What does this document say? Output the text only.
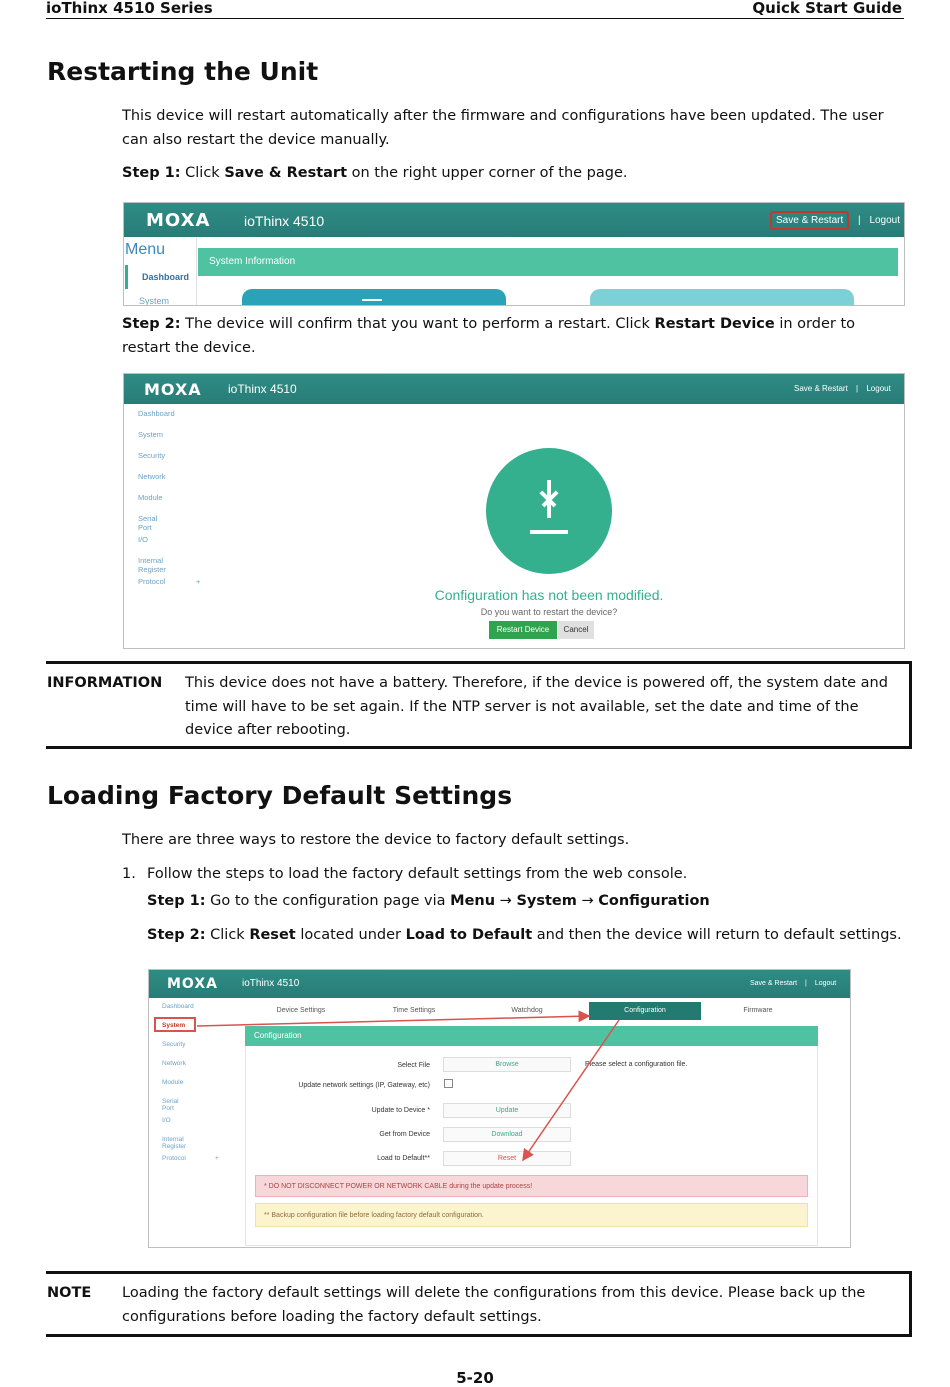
ioThinx 4510 Series	Quick Start Guide
Restarting the Unit

This device will restart automatically after the firmware and configurations have been updated. The user can also restart the device manually.

Step 1: Click Save & Restart on the right upper corner of the page.

MOXA ioThinx 4510	Save & Restart | Logout
Menu
Dashboard
System
System Information

Step 2: The device will confirm that you want to perform a restart. Click Restart Device in order to restart the device.

MOXA ioThinx 4510	Save & Restart | Logout
Dashboard
System
Security
Network
Module
Serial Port
I/O
Internal Register
Protocol	+
Configuration has not been modified.
Do you want to restart the device?
Restart Device	Cancel
INFORMATION This device does not have a battery. Therefore, if the device is powered off, the system date and time will have to be set again. If the NTP server is not available, set the date and time of the device after rebooting.
Loading Factory Default Settings

There are three ways to restore the device to factory default settings.

1. Follow the steps to load the factory default settings from the web console.

Step 1: Go to the configuration page via Menu → System → Configuration

Step 2: Click Reset located under Load to Default and then the device will return to default settings.

MOXA ioThinx 4510	Save & Restart | Logout
Dashboard
System
Security
Network
Module
Serial Port
I/O
Internal Register
Protocol	+
Device Settings	Time Settings	Watchdog	Configuration	Firmware
Configuration
Select File	Browse	Please select a configuration file.
Update network settings (IP, Gateway, etc)
Update to Device *	Update
Get from Device	Download
Load to Default**	Reset
* DO NOT DISCONNECT POWER OR NETWORK CABLE during the update process!
** Backup configuration file before loading factory default configuration.
NOTE Loading the factory default settings will delete the configurations from this device. Please back up the configurations before loading the factory default settings.
5-20
